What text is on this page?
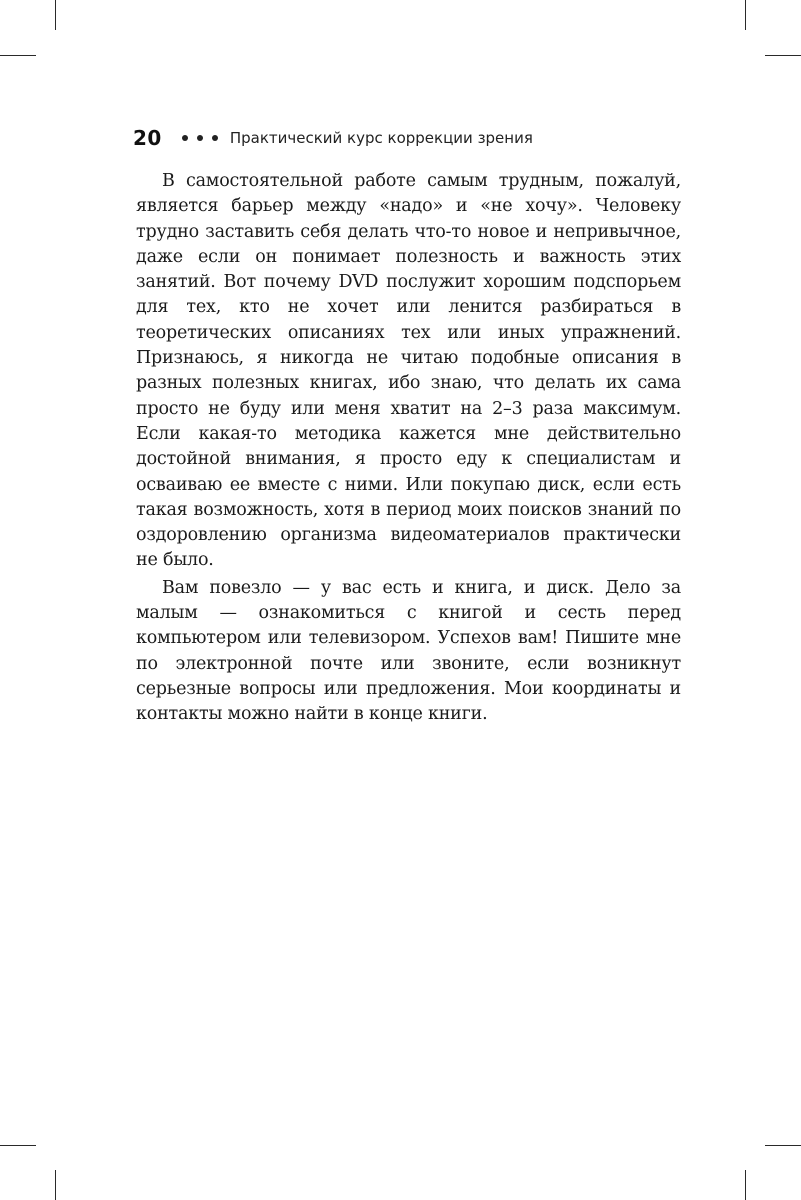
20	Практический курс коррекции зрения

В самостоятельной работе самым трудным, пожалуй, является барьер между «надо» и «не хочу». Человеку трудно заставить себя делать что-то новое и непривычное, даже если он понимает полезность и важность этих занятий. Вот почему DVD послужит хорошим подспорьем для тех, кто не хочет или ленится разбираться в теоретических описаниях тех или иных упражнений. Признаюсь, я никогда не читаю подобные описания в разных полезных книгах, ибо знаю, что делать их сама просто не буду или меня хватит на 2–3 раза максимум. Если какая-то методика кажется мне действительно достойной внимания, я просто еду к специалистам и осваиваю ее вместе с ними. Или покупаю диск, если есть такая возможность, хотя в период моих поисков знаний по оздоровлению организма видеоматериалов практически не было.

Вам повезло — у вас есть и книга, и диск. Дело за малым — ознакомиться с книгой и сесть перед компьютером или телевизором. Успехов вам! Пишите мне по электронной почте или звоните, если возникнут серьезные вопросы или предложения. Мои координаты и контакты можно найти в конце книги.
